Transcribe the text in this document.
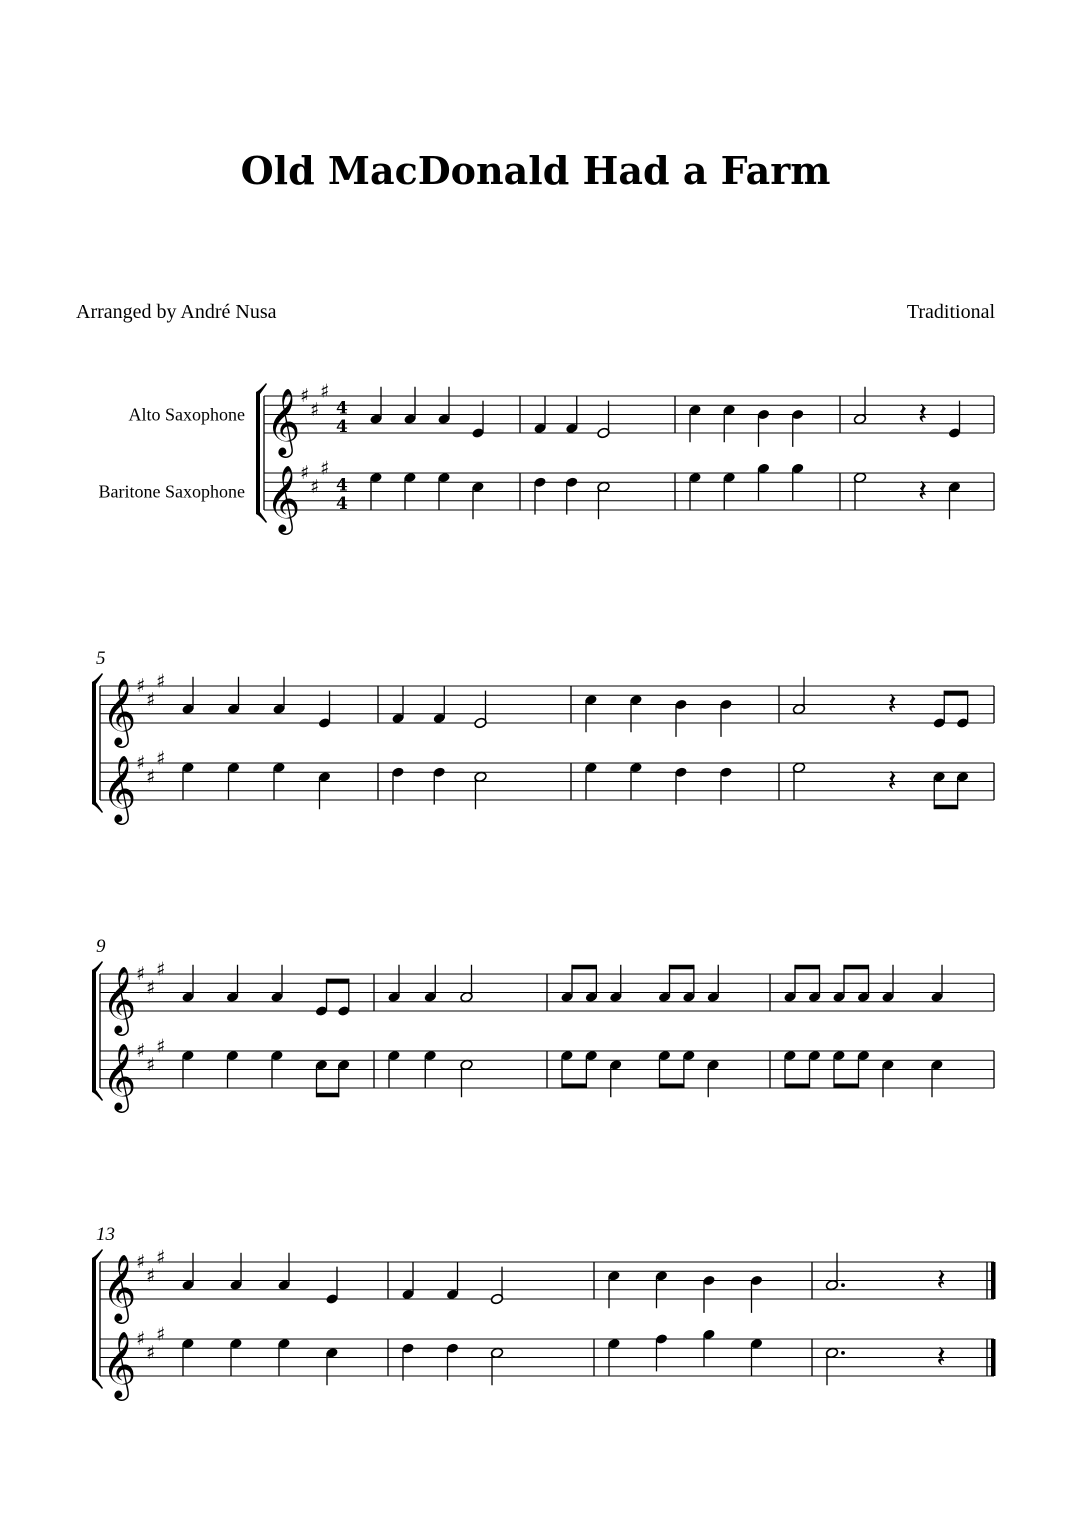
Old MacDonald Had a Farm
Arranged by André Nusa	Traditional
Alto Saxophone
Baritone Saxophone
𝄞 ♯
♯
♯
4
4
𝄞 ♯
♯
♯
4
4
𝄽
𝄽
5
𝄞 ♯
♯
♯
𝄞 ♯
♯
♯
𝄽
𝄽
9
𝄞 ♯
♯
♯
𝄞 ♯
♯
♯
13
𝄞 ♯
♯
♯
𝄞 ♯
♯
♯
𝄽
𝄽
